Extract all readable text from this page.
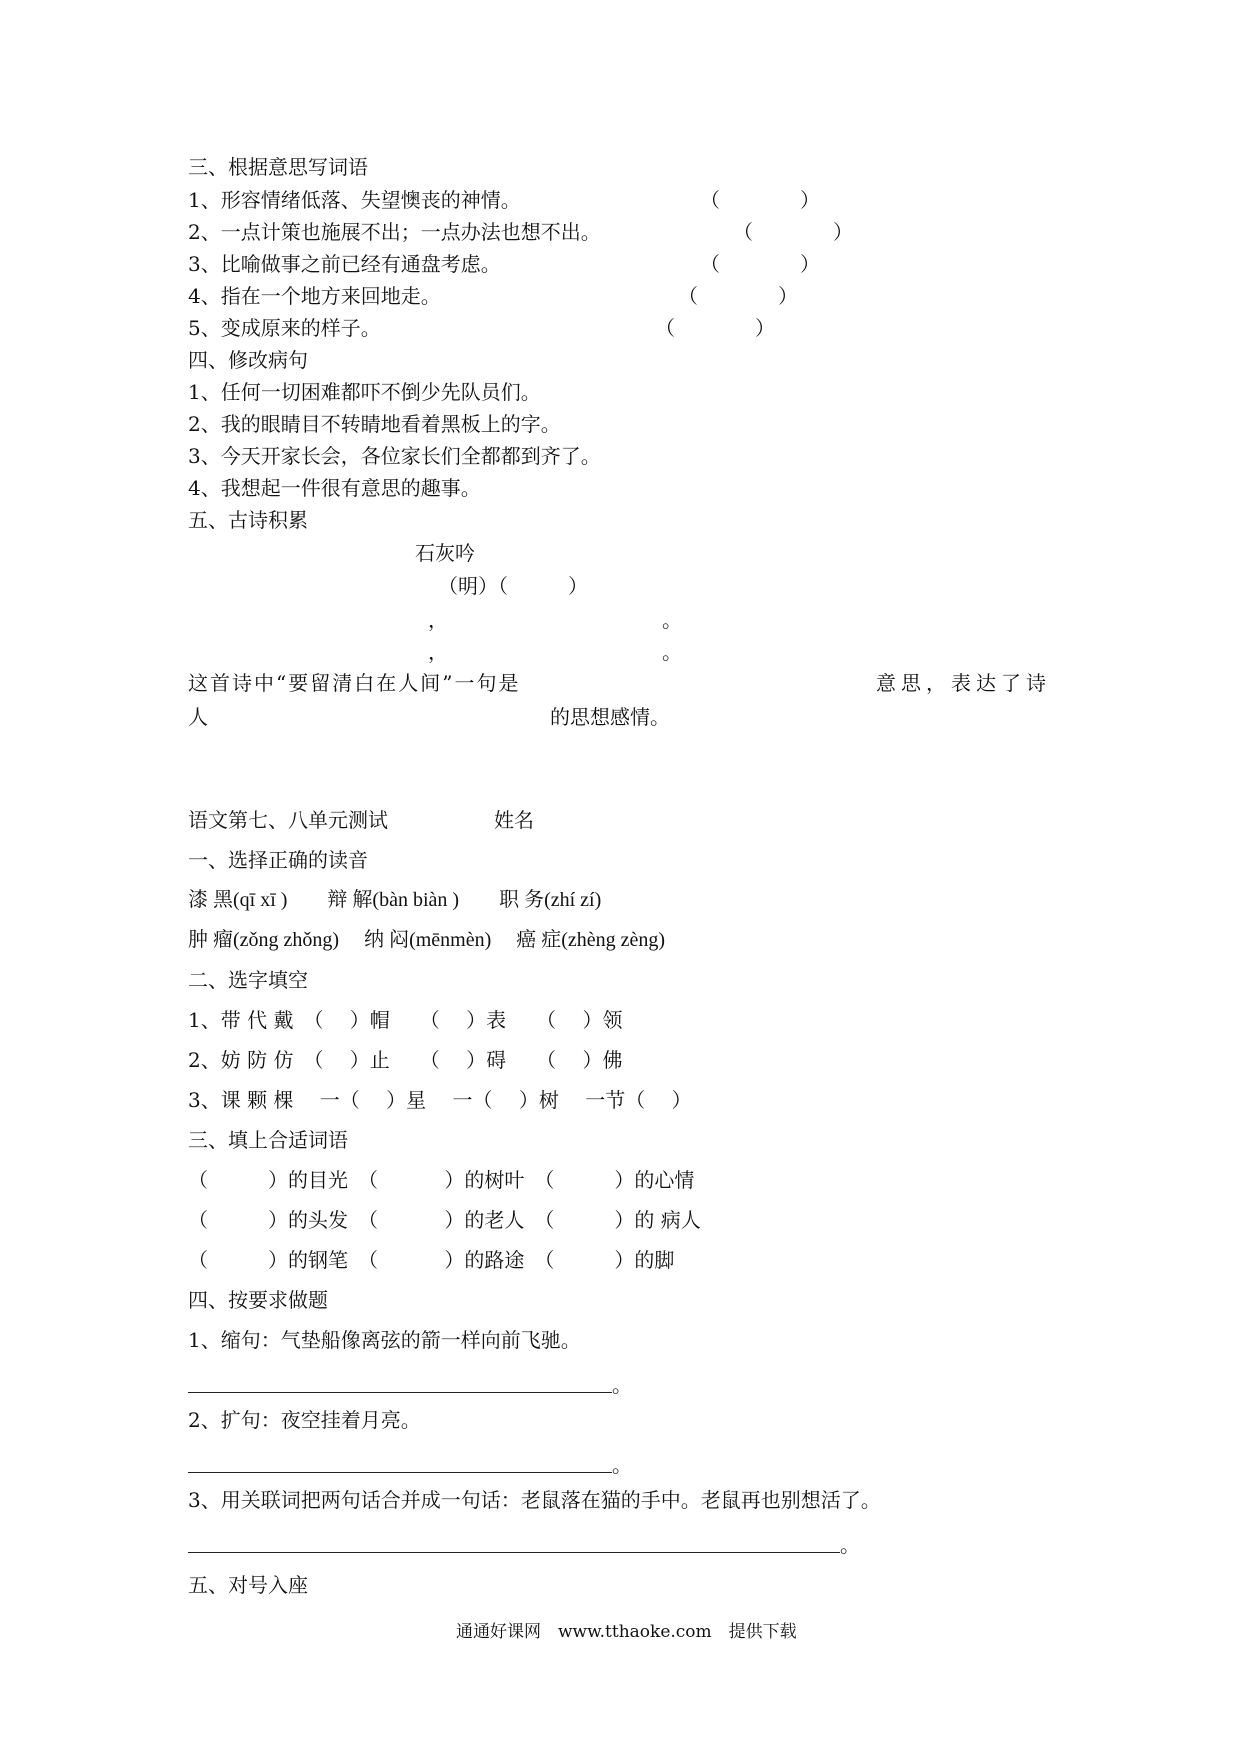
三、根据意思写词语
1、形容情绪低落、失望懊丧的神情。	（　　　　）
2、一点计策也施展不出；一点办法也想不出。	（　　　　）
3、比喻做事之前已经有通盘考虑。	（　　　　）
4、指在一个地方来回地走。	（　　　　）
5、变成原来的样子。	（　　　　）
四、修改病句
1、任何一切困难都吓不倒少先队员们。
2、我的眼睛目不转睛地看着黑板上的字。
3、今天开家长会，各位家长们全都都到齐了。
4、我想起一件很有意思的趣事。
五、古诗积累
石灰吟
（明）（　　　）
，	。
，	。
这首诗中“要留清白在人间”一句是	意思，表达了诗
人	的思想感情。
语文第七、八单元测试	姓名
一、选择正确的读音
漆 黑(qī xī )　　辩 解(bàn biàn )　　职 务(zhí zí)
肿 瘤(zǒng zhǒng)　 纳 闷(mēnmèn)　 癌 症(zhèng zèng)
二、选字填空
1、带 代 戴　（　 ）帽　　（　 ）表　　（　 ）领
2、妨 防 仿　（　 ）止　　（　 ）碍　　（　 ）佛
3、课 颗 棵　 一（　 ）星　 一（　 ）树　 一节（　 ）
三、填上合适词语
（　　　）的目光　（　　　 ）的树叶　（　　　）的心情
（　　　）的头发　（　　　 ）的老人　（　　　）的 病人
（　　　）的钢笔　（　　　 ）的路途　（　　　）的脚
四、按要求做题
1、缩句：气垫船像离弦的箭一样向前飞驰。
。
2、扩句：夜空挂着月亮。
。
3、用关联词把两句话合并成一句话：老鼠落在猫的手中。老鼠再也别想活了。
。
五、对号入座
通通好课网　www.tthaoke.com　提供下载
